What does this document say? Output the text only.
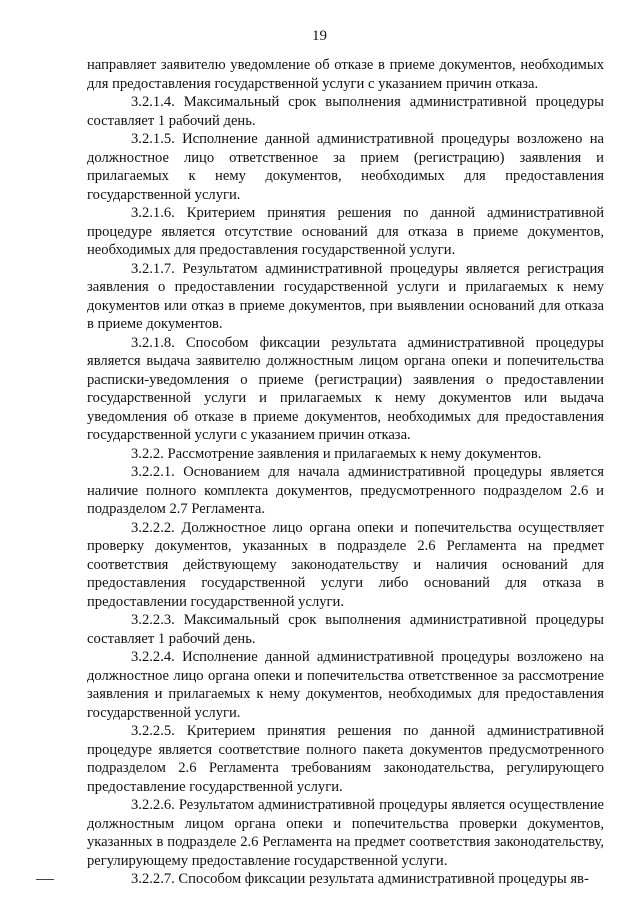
19

направляет заявителю уведомление об отказе в приеме документов, необходимых для предоставления государственной услуги с указанием причин отказа.

3.2.1.4. Максимальный срок выполнения административной процедуры составляет 1 рабочий день.

3.2.1.5. Исполнение данной административной процедуры возложено на должностное лицо ответственное за прием (регистрацию) заявления и прилагаемых к нему документов, необходимых для предоставления государственной услуги.

3.2.1.6. Критерием принятия решения по данной административной процедуре является отсутствие оснований для отказа в приеме документов, необходимых для предоставления государственной услуги.

3.2.1.7. Результатом административной процедуры является регистрация заявления о предоставлении государственной услуги и прилагаемых к нему документов или отказ в приеме документов, при выявлении оснований для отказа в приеме документов.

3.2.1.8. Способом фиксации результата административной процедуры является выдача заявителю должностным лицом органа опеки и попечительства расписки-уведомления о приеме (регистрации) заявления о предоставлении государственной услуги и прилагаемых к нему документов или выдача уведомления об отказе в приеме документов, необходимых для предоставления государственной услуги с указанием причин отказа.

3.2.2. Рассмотрение заявления и прилагаемых к нему документов.

3.2.2.1. Основанием для начала административной процедуры является наличие полного комплекта документов, предусмотренного подразделом 2.6 и подразделом 2.7 Регламента.

3.2.2.2. Должностное лицо органа опеки и попечительства осуществляет проверку документов, указанных в подразделе 2.6 Регламента на предмет соответствия действующему законодательству и наличия оснований для предоставления государственной услуги либо оснований для отказа в предоставлении государственной услуги.

3.2.2.3. Максимальный срок выполнения административной процедуры составляет 1 рабочий день.

3.2.2.4. Исполнение данной административной процедуры возложено на должностное лицо органа опеки и попечительства ответственное за рассмотрение заявления и прилагаемых к нему документов, необходимых для предоставления государственной услуги.

3.2.2.5. Критерием принятия решения по данной административной процедуре является соответствие полного пакета документов предусмотренного подразделом 2.6 Регламента требованиям законодательства, регулирующего предоставление государственной услуги.

3.2.2.6. Результатом административной процедуры является осуществление должностным лицом органа опеки и попечительства проверки документов, указанных в подразделе 2.6 Регламента на предмет соответствия законодательству, регулирующему предоставление государственной услуги.

3.2.2.7. Способом фиксации результата административной процедуры яв-
